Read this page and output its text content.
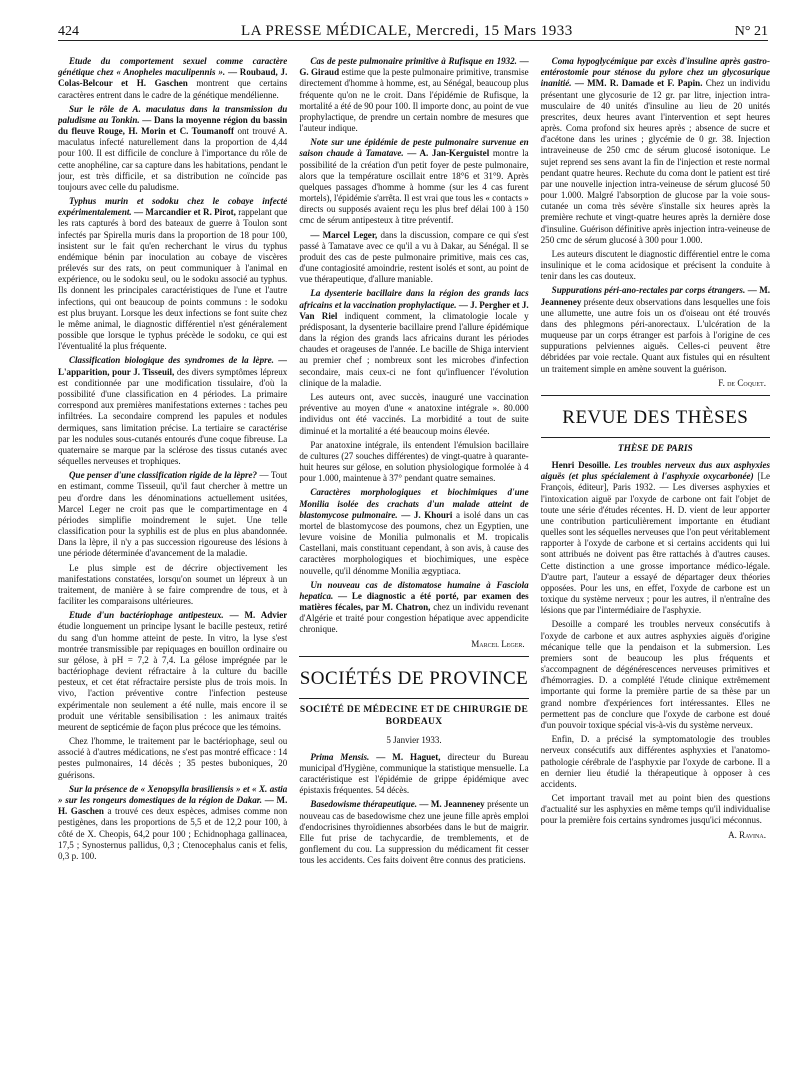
424	LA PRESSE MÉDICALE, Mercredi, 15 Mars 1933	N° 21

Etude du comportement sexuel comme caractère génétique chez « Anopheles maculipennis ». — Roubaud, J. Colas-Belcour et H. Gaschen montrent que certains caractères entrent dans le cadre de la génétique mendélienne.

Sur le rôle de A. maculatus dans la transmission du paludisme au Tonkin. — Dans la moyenne région du bassin du fleuve Rouge, H. Morin et C. Toumanoff ont trouvé A. maculatus infecté naturellement dans la proportion de 4,44 pour 100. Il est difficile de conclure à l'importance du rôle de cette anophéline, car sa capture dans les habitations, pendant le jour, est très difficile, et sa distribution ne coïncide pas toujours avec celle du paludisme.

Typhus murin et sodoku chez le cobaye infecté expérimentalement. — Marcandier et R. Pirot, rappelant que les rats capturés à bord des bateaux de guerre à Toulon sont infectés par Spirella muris dans la proportion de 18 pour 100, insistent sur le fait qu'en recherchant le virus du typhus endémique bénin par inoculation au cobaye de viscères prélevés sur des rats, on peut communiquer à l'animal en expérience, ou le sodoku seul, ou le sodoku associé au typhus. Ils donnent les principales caractéristiques de l'une et l'autre infections, qui ont beaucoup de points communs : le sodoku est plus bruyant. Lorsque les deux infections se font suite chez le même animal, le diagnostic différentiel n'est généralement possible que lorsque le typhus précède le sodoku, ce qui est l'éventualité la plus fréquente.

Classification biologique des syndromes de la lèpre. — L'apparition, pour J. Tisseuil, des divers symptômes lépreux est conditionnée par une modification tissulaire, d'où la possibilité d'une classification en 4 périodes. La primaire correspond aux premières manifestations externes : taches peu infiltrées. La secondaire comprend les papules et nodules dermiques, sans limitation précise. La tertiaire se caractérise par les nodules sous-cutanés entourés d'une coque fibreuse. La quaternaire se marque par la sclérose des tissus cutanés avec séquelles nerveuses et trophiques.

Que penser d'une classification rigide de la lèpre? — Tout en estimant, comme Tisseuil, qu'il faut chercher à mettre un peu d'ordre dans les dénominations actuellement usitées, Marcel Leger ne croit pas que le compartimentage en 4 périodes simplifie moindrement le sujet. Une telle classification pour la syphilis est de plus en plus abandonnée. Dans la lèpre, il n'y a pas succession rigoureuse des lésions à une période déterminée d'avancement de la maladie.

Le plus simple est de décrire objectivement les manifestations constatées, lorsqu'on soumet un lépreux à un traitement, de manière à se faire comprendre de tous, et à faciliter les comparaisons ultérieures.

Etude d'un bactériophage antipesteux. — M. Advier étudie longuement un principe lysant le bacille pesteux, retiré du sang d'un homme atteint de peste. In vitro, la lyse s'est montrée transmissible par repiquages en bouillon ordinaire ou sur gélose, à pH = 7,2 à 7,4. La gélose imprégnée par le bactériophage devient réfractaire à la culture du bacille pesteux, et cet état réfractaire persiste plus de trois mois. In vivo, l'action préventive contre l'infection pesteuse expérimentale non seulement a été nulle, mais encore il se produit une véritable sensibilisation : les animaux traités meurent de septicémie de façon plus précoce que les témoins.

Chez l'homme, le traitement par le bactériophage, seul ou associé à d'autres médications, ne s'est pas montré efficace : 14 pestes pulmonaires, 14 décès ; 35 pestes buboniques, 20 guérisons.

Sur la présence de « Xenopsylla brasiliensis » et « X. astia » sur les rongeurs domestiques de la région de Dakar. — M. H. Gaschen a trouvé ces deux espèces, admises comme non pestigènes, dans les proportions de 5,5 et de 12,2 pour 100, à côté de X. Cheopis, 64,2 pour 100 ; Echidnophaga gallinacea, 17,5 ; Synosternus pallidus, 0,3 ; Ctenocephalus canis et felis, 0,3 p. 100.

Cas de peste pulmonaire primitive à Rufisque en 1932. — G. Giraud estime que la peste pulmonaire primitive, transmise directement d'homme à homme, est, au Sénégal, beaucoup plus fréquente qu'on ne le croit. Dans l'épidémie de Rufisque, la mortalité a été de 90 pour 100. Il importe donc, au point de vue prophylactique, de prendre un certain nombre de mesures que l'auteur indique.

Note sur une épidémie de peste pulmonaire survenue en saison chaude à Tamatave. — A. Jan-Kerguistel montre la possibilité de la création d'un petit foyer de peste pulmonaire, alors que la température oscillait entre 18°6 et 31°9. Après quelques passages d'homme à homme (sur les 4 cas furent mortels), l'épidémie s'arrêta. Il est vrai que tous les « contacts » directs ou supposés avaient reçu les plus bref délai 100 à 150 cmc de sérum antipesteux à titre préventif.

— Marcel Leger, dans la discussion, compare ce qui s'est passé à Tamatave avec ce qu'il a vu à Dakar, au Sénégal. Il se produit des cas de peste pulmonaire primitive, mais ces cas, d'une contagiosité amoindrie, restent isolés et sont, au point de vue thérapeutique, d'allure maniable.

La dysenterie bacillaire dans la région des grands lacs africains et la vaccination prophylactique. — J. Pergher et J. Van Riel indiquent comment, la climatologie locale y prédisposant, la dysenterie bacillaire prend l'allure épidémique dans la région des grands lacs africains durant les périodes chaudes et orageuses de l'année. Le bacille de Shiga intervient au premier chef ; nombreux sont les microbes d'infection secondaire, mais ceux-ci ne font qu'influencer l'évolution clinique de la maladie.

Les auteurs ont, avec succès, inauguré une vaccination préventive au moyen d'une « anatoxine intégrale ». 80.000 individus ont été vaccinés. La morbidité a tout de suite diminué et la mortalité a été beaucoup moins élevée.

Par anatoxine intégrale, ils entendent l'émulsion bacillaire de cultures (27 souches différentes) de vingt-quatre à quarante-huit heures sur gélose, en solution physiologique formolée à 4 pour 1.000, maintenue à 37° pendant quatre semaines.

Caractères morphologiques et biochimiques d'une Monilia isolée des crachats d'un malade atteint de blastomycose pulmonaire. — J. Khouri a isolé dans un cas mortel de blastomycose des poumons, chez un Egyptien, une levure voisine de Monilia pulmonalis et M. tropicalis Castellani, mais constituant cependant, à son avis, à cause des caractères morphologiques et biochimiques, une espèce nouvelle, qu'il dénomme Monilia ægyptiaca.

Un nouveau cas de distomatose humaine à Fasciola hepatica. — Le diagnostic a été porté, par examen des matières fécales, par M. Chatron, chez un individu revenant d'Algérie et traité pour congestion hépatique avec appendicite chronique.

Marcel Leger.
SOCIÉTÉS DE PROVINCE
SOCIÉTÉ DE MÉDECINE ET DE CHIRURGIE DE BORDEAUX
5 Janvier 1933.

Prima Mensis. — M. Haguet, directeur du Bureau municipal d'Hygiène, communique la statistique mensuelle. La caractéristique est l'épidémie de grippe épidémique avec épistaxis fréquentes. 54 décès.

Basedowisme thérapeutique. — M. Jeanneney présente un nouveau cas de basedowisme chez une jeune fille après emploi d'endocrisines thyroïdiennes absorbées dans le but de maigrir. Elle fut prise de tachycardie, de tremblements, et de gonflement du cou. La suppression du médicament fit cesser tous les accidents. Ces faits doivent être connus des praticiens.

Coma hypoglycémique par excès d'insuline après gastro-entérostomie pour sténose du pylore chez un glycosurique inanitié. — MM. R. Damade et F. Papin. Chez un individu présentant une glycosurie de 12 gr. par litre, injection intra-musculaire de 40 unités d'insuline au lieu de 20 unités prescrites, deux heures avant l'intervention et sept heures après. Coma profond six heures après ; absence de sucre et d'acétone dans les urines ; glycémie de 0 gr. 38. Injection intraveineuse de 250 cmc de sérum glucosé isotonique. Le sujet reprend ses sens avant la fin de l'injection et reste normal pendant quatre heures. Rechute du coma dont le patient est tiré par une nouvelle injection intra-veineuse de sérum glucosé 50 pour 1.000. Malgré l'absorption de glucose par la voie sous-cutanée un coma très sévère s'installe six heures après la première rechute et vingt-quatre heures après la dernière dose d'insuline. Guérison définitive après injection intra-veineuse de 250 cmc de sérum glucosé à 300 pour 1.000.

Les auteurs discutent le diagnostic différentiel entre le coma insulinique et le coma acidosique et précisent la conduite à tenir dans les cas douteux.

Suppurations péri-ano-rectales par corps étrangers. — M. Jeanneney présente deux observations dans lesquelles une fois une allumette, une autre fois un os d'oiseau ont été trouvés dans des phlegmons péri-anorectaux. L'ulcération de la muqueuse par un corps étranger est parfois à l'origine de ces suppurations pelviennes aiguës. Celles-ci peuvent être débridées par voie rectale. Quant aux fistules qui en résultent un traitement simple en amène souvent la guérison.

F. de Coquet.
REVUE DES THÈSES
THÈSE DE PARIS

Henri Desoille. Les troubles nerveux dus aux asphyxies aiguës (et plus spécialement à l'asphyxie oxycarbonée) [Le François, éditeur], Paris 1932. — Les diverses asphyxies et l'intoxication aiguë par l'oxyde de carbone ont fait l'objet de toute une série d'études récentes. H. D. vient de leur apporter une contribution particulièrement importante en étudiant quelles sont les séquelles nerveuses que l'on peut véritablement rapporter à l'oxyde de carbone et si certains accidents qui lui sont attribués ne doivent pas être rattachés à d'autres causes. Cette distinction a une grosse importance médico-légale. D'autre part, l'auteur a essayé de départager deux théories opposées. Pour les uns, en effet, l'oxyde de carbone est un toxique du système nerveux ; pour les autres, il n'entraîne des lésions que par l'intermédiaire de l'asphyxie.

Desoille a comparé les troubles nerveux consécutifs à l'oxyde de carbone et aux autres asphyxies aiguës d'origine mécanique telle que la pendaison et la submersion. Les premiers sont de beaucoup les plus fréquents et s'accompagnent de dégénérescences nerveuses primitives et d'hémorragies. D. a complété l'étude clinique extrêmement importante qui forme la première partie de sa thèse par un grand nombre d'expériences fort intéressantes. Elles ne permettent pas de conclure que l'oxyde de carbone est doué d'un pouvoir toxique spécial vis-à-vis du système nerveux.

Enfin, D. a précisé la symptomatologie des troubles nerveux consécutifs aux différentes asphyxies et l'anatomo-pathologie cérébrale de l'asphyxie par l'oxyde de carbone. Il a en dernier lieu étudié la thérapeutique à opposer à ces accidents.

Cet important travail met au point bien des questions d'actualité sur les asphyxies en même temps qu'il individualise pour la première fois certains syndromes jusqu'ici méconnus.

A. Ravina.
